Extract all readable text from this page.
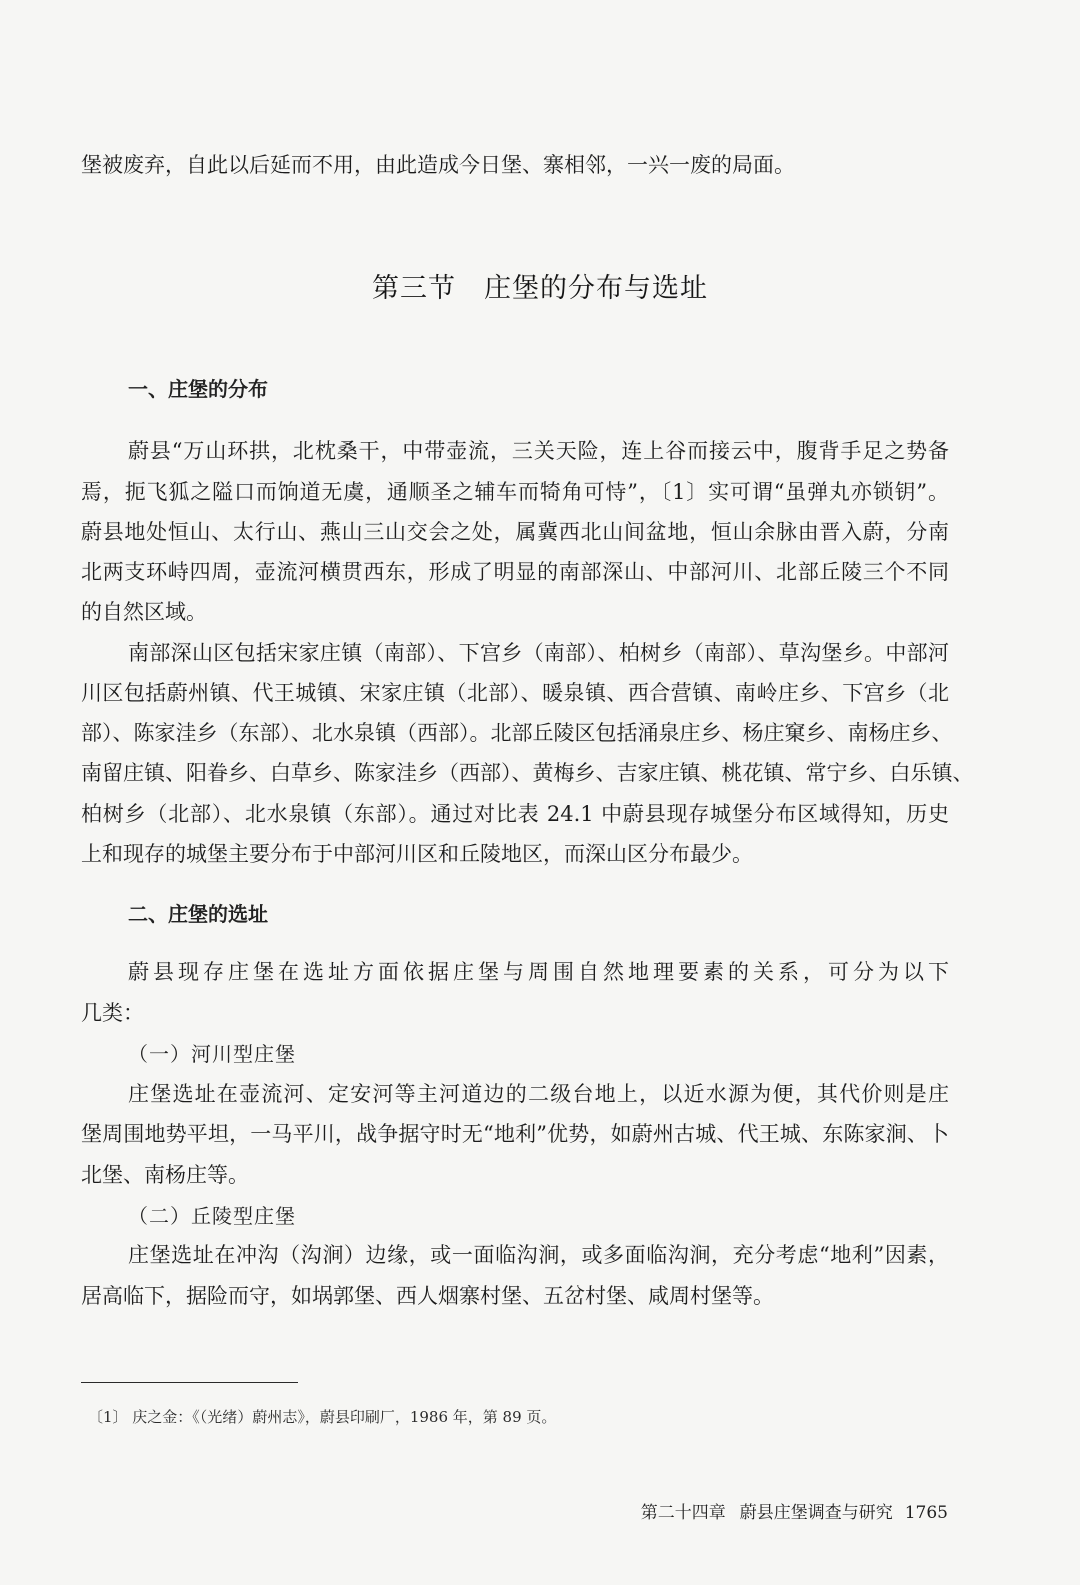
堡被废弃，自此以后延而不用，由此造成今日堡、寨相邻，一兴一废的局面。
第三节　庄堡的分布与选址
一、庄堡的分布
蔚县“万山环拱，北枕桑干，中带壶流，三关天险，连上谷而接云中，腹背手足之势备
焉，扼飞狐之隘口而饷道无虞，通顺圣之辅车而犄角可恃”，〔1〕实可谓“虽弹丸亦锁钥”。
蔚县地处恒山、太行山、燕山三山交会之处，属冀西北山间盆地，恒山余脉由晋入蔚，分南
北两支环峙四周，壶流河横贯西东，形成了明显的南部深山、中部河川、北部丘陵三个不同
的自然区域。
南部深山区包括宋家庄镇（南部）、下宫乡（南部）、柏树乡（南部）、草沟堡乡。中部河
川区包括蔚州镇、代王城镇、宋家庄镇（北部）、暖泉镇、西合营镇、南岭庄乡、下宫乡（北
部）、陈家洼乡（东部）、北水泉镇（西部）。北部丘陵区包括涌泉庄乡、杨庄窠乡、南杨庄乡、
南留庄镇、阳眷乡、白草乡、陈家洼乡（西部）、黄梅乡、吉家庄镇、桃花镇、常宁乡、白乐镇、
柏树乡（北部）、北水泉镇（东部）。通过对比表 24.1 中蔚县现存城堡分布区域得知，历史
上和现存的城堡主要分布于中部河川区和丘陵地区，而深山区分布最少。
二、庄堡的选址
蔚县现存庄堡在选址方面依据庄堡与周围自然地理要素的关系，可分为以下
几类：
（一）河川型庄堡
庄堡选址在壶流河、定安河等主河道边的二级台地上，以近水源为便，其代价则是庄
堡周围地势平坦，一马平川，战争据守时无“地利”优势，如蔚州古城、代王城、东陈家涧、卜
北堡、南杨庄等。
（二）丘陵型庄堡
庄堡选址在冲沟（沟涧）边缘，或一面临沟涧，或多面临沟涧，充分考虑“地利”因素，
居高临下，据险而守，如埚郭堡、西人烟寨村堡、五岔村堡、咸周村堡等。
〔1〕 庆之金：《（光绪）蔚州志》，蔚县印刷厂，1986 年，第 89 页。
第二十四章 蔚县庄堡调查与研究 1765
